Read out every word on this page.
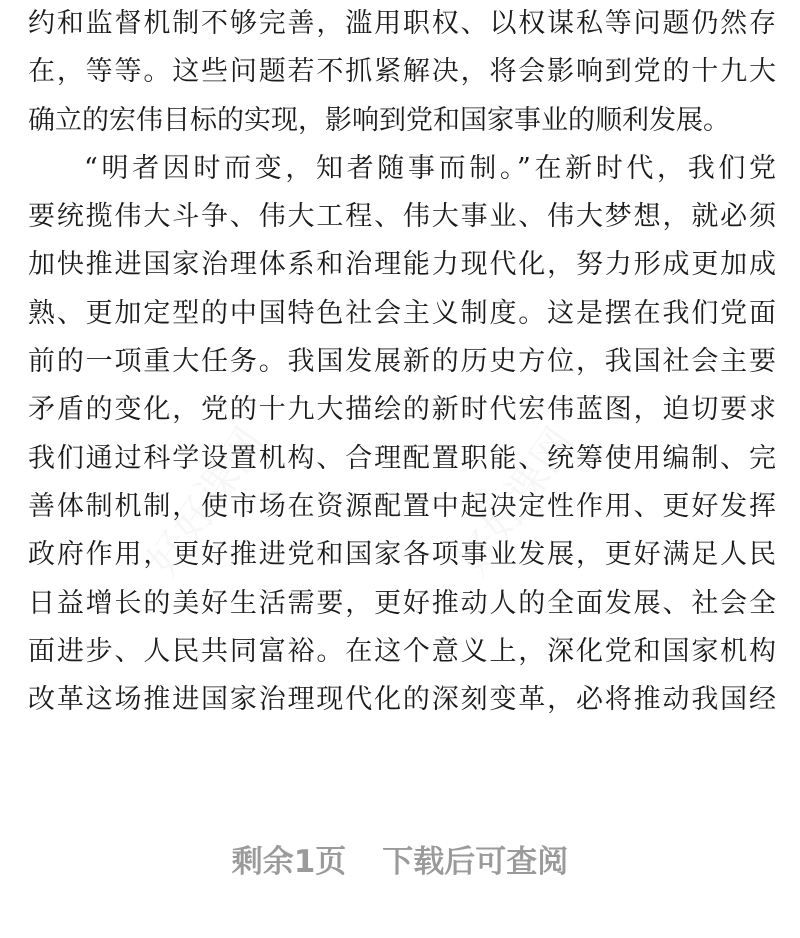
好好课网	好好课网
约和监督机制不够完善，滥用职权、以权谋私等问题仍然存
在，等等。这些问题若不抓紧解决，将会影响到党的十九大
确立的宏伟目标的实现，影响到党和国家事业的顺利发展。
“明者因时而变，知者随事而制。”在新时代，我们党
要统揽伟大斗争、伟大工程、伟大事业、伟大梦想，就必须
加快推进国家治理体系和治理能力现代化，努力形成更加成
熟、更加定型的中国特色社会主义制度。这是摆在我们党面
前的一项重大任务。我国发展新的历史方位，我国社会主要
矛盾的变化，党的十九大描绘的新时代宏伟蓝图，迫切要求
我们通过科学设置机构、合理配置职能、统筹使用编制、完
善体制机制，使市场在资源配置中起决定性作用、更好发挥
政府作用，更好推进党和国家各项事业发展，更好满足人民
日益增长的美好生活需要，更好推动人的全面发展、社会全
面进步、人民共同富裕。在这个意义上，深化党和国家机构
改革这场推进国家治理现代化的深刻变革，必将推动我国经
剩余1页 下载后可查阅
